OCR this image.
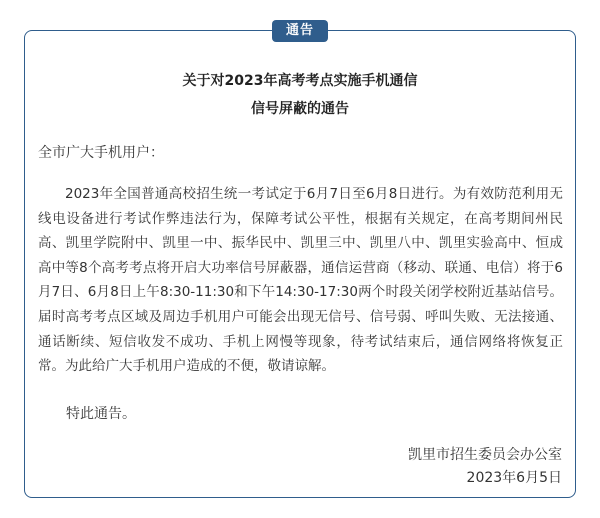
通告
关于对2023年高考考点实施手机通信
信号屏蔽的通告
全市广大手机用户：

2023年全国普通高校招生统一考试定于6月7日至6月8日进行。为有效防范利用无线电设备进行考试作弊违法行为，保障考试公平性，根据有关规定，在高考期间州民高、凯里学院附中、凯里一中、振华民中、凯里三中、凯里八中、凯里实验高中、恒成高中等8个高考考点将开启大功率信号屏蔽器，通信运营商（移动、联通、电信）将于6月7日、6月8日上午8:30-11:30和下午14:30-17:30两个时段关闭学校附近基站信号。届时高考考点区域及周边手机用户可能会出现无信号、信号弱、呼叫失败、无法接通、通话断续、短信收发不成功、手机上网慢等现象，待考试结束后，通信网络将恢复正常。为此给广大手机用户造成的不便，敬请谅解。

特此通告。
凯里市招生委员会办公室
2023年6月5日
